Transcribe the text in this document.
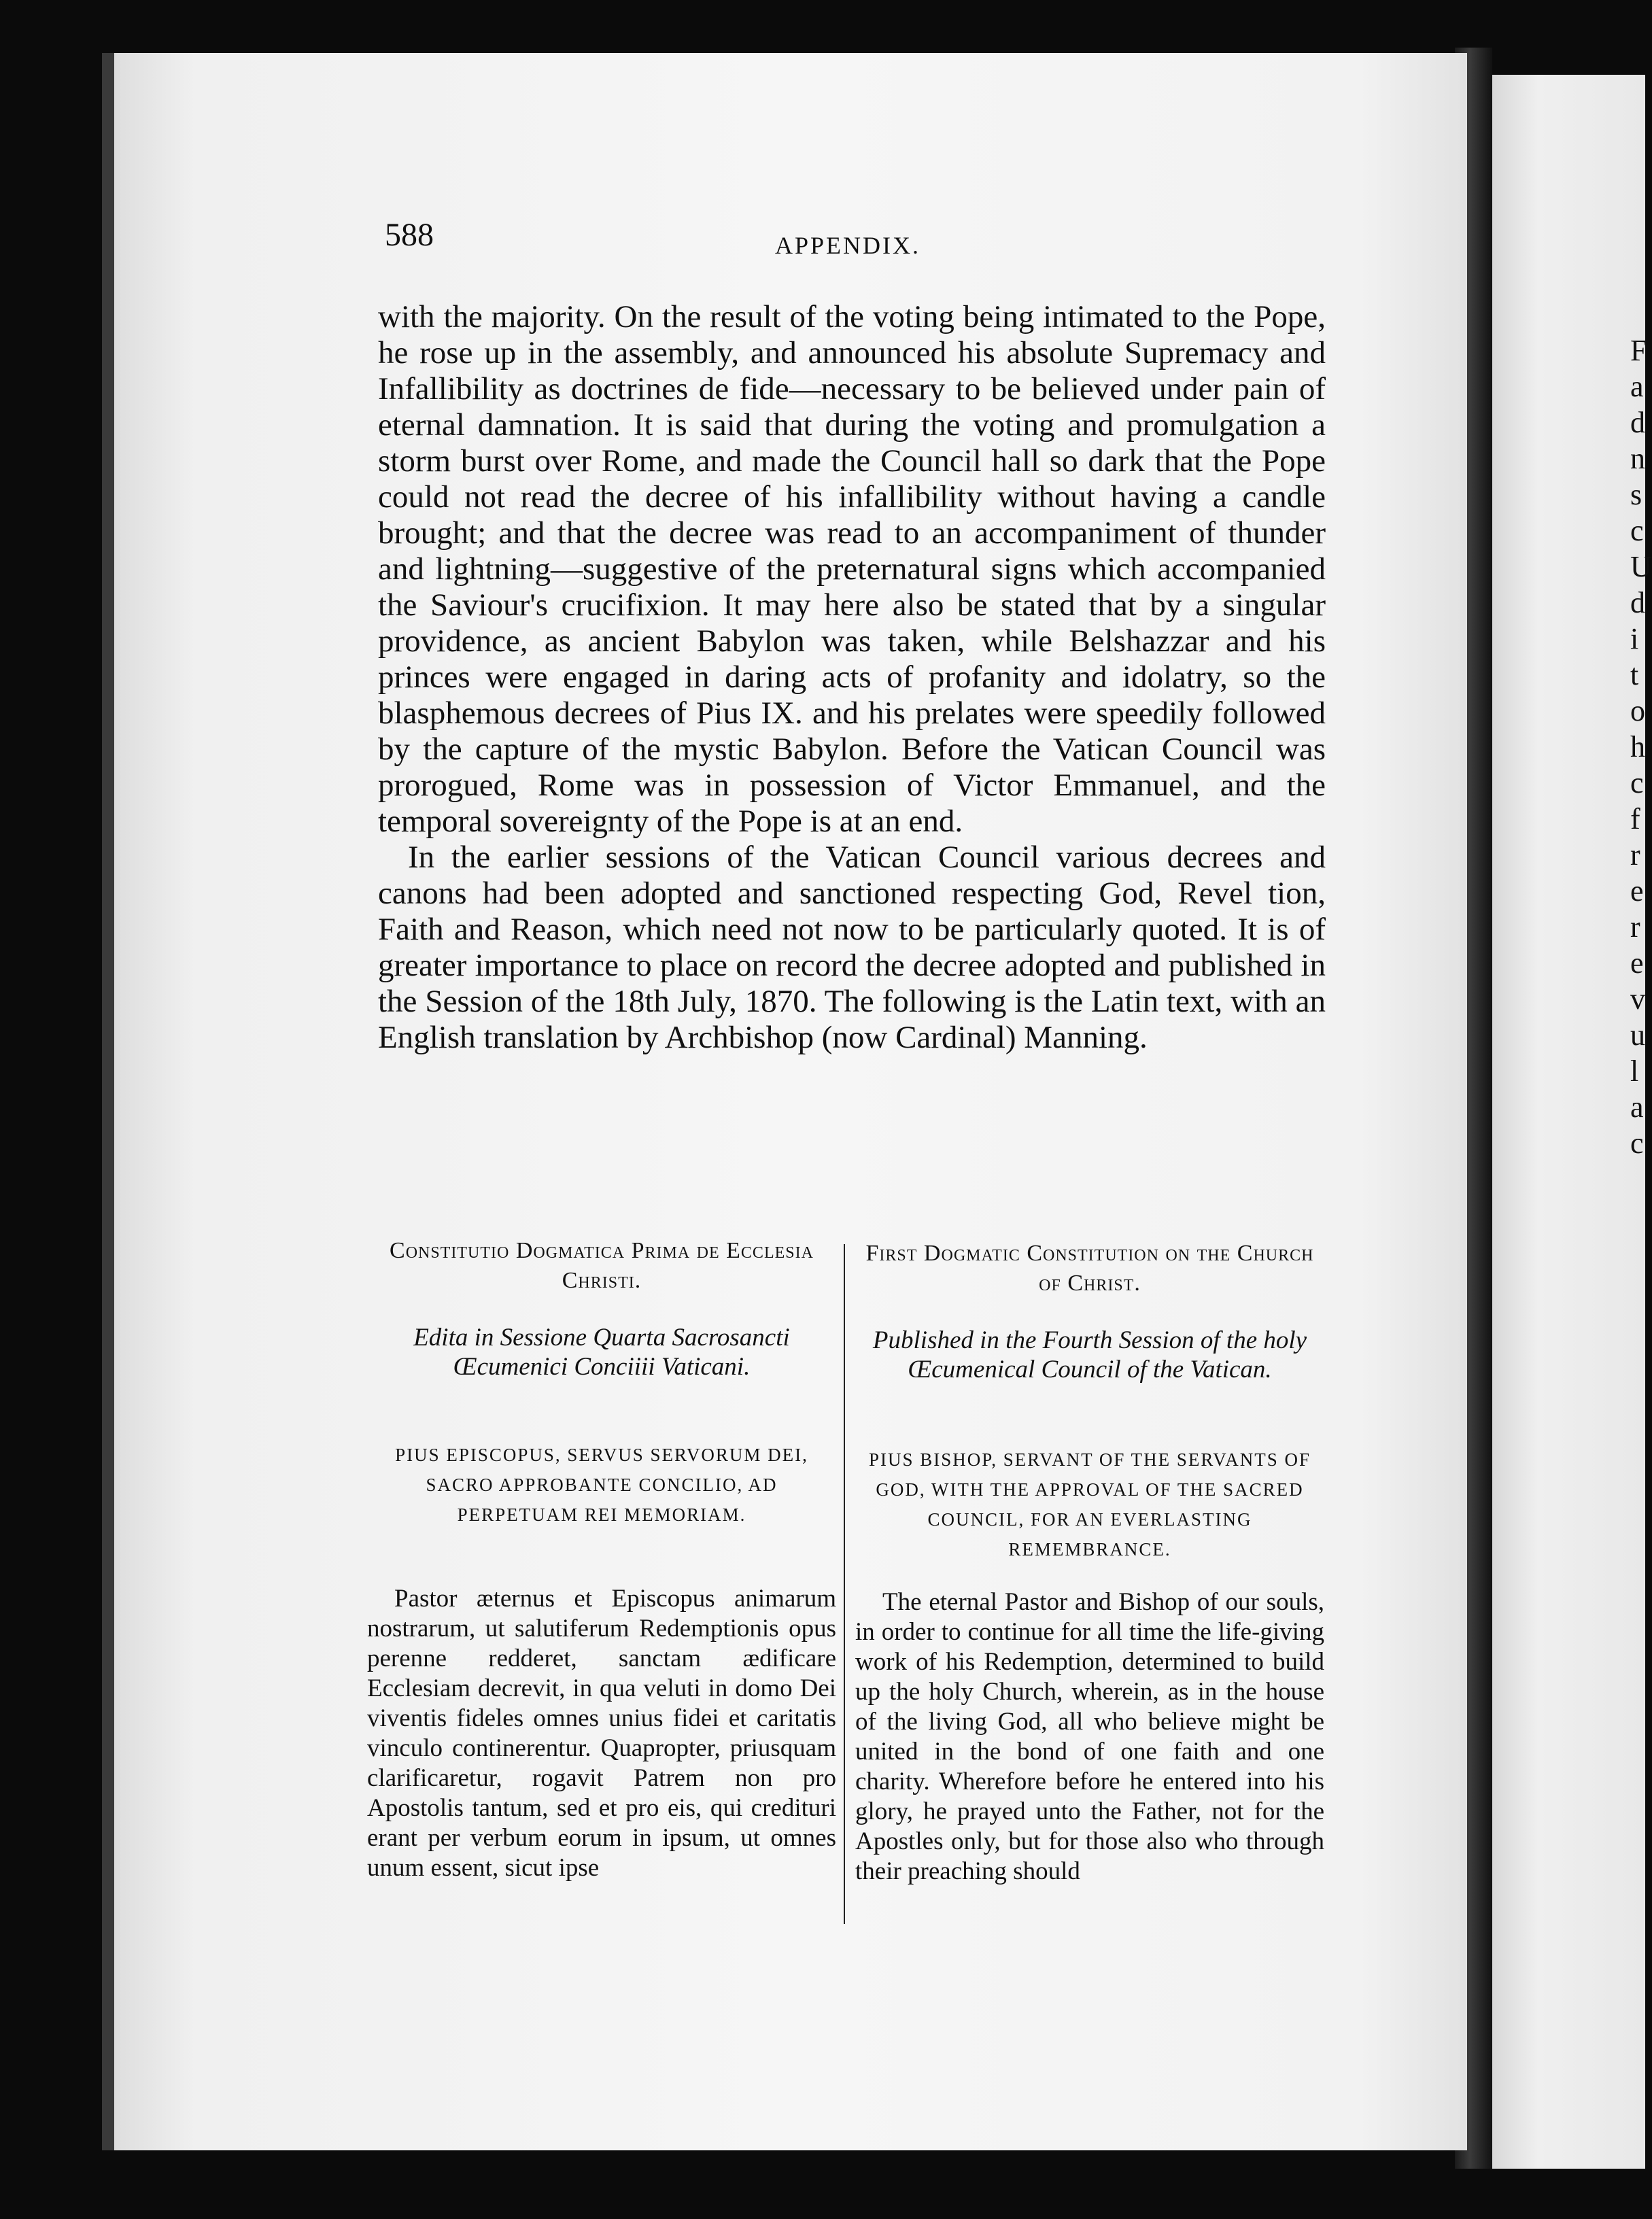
F
a
d
n
s
c
U
d
i
t
o
h
c
f
r
e
r
e
v
u
l
a
c
588	APPENDIX.

with the majority. On the result of the voting being intimated to the Pope, he rose up in the assembly, and announced his absolute Supremacy and Infallibility as doctrines de fide—necessary to be believed under pain of eternal damnation. It is said that during the voting and promulgation a storm burst over Rome, and made the Council hall so dark that the Pope could not read the decree of his infallibility without having a candle brought; and that the decree was read to an accompaniment of thunder and lightning—suggestive of the preternatural signs which accompanied the Saviour's crucifixion. It may here also be stated that by a singular providence, as ancient Babylon was taken, while Belshazzar and his princes were engaged in daring acts of profanity and idolatry, so the blasphemous decrees of Pius IX. and his prelates were speedily followed by the capture of the mystic Babylon. Before the Vatican Council was prorogued, Rome was in possession of Victor Emmanuel, and the temporal sovereignty of the Pope is at an end.

In the earlier sessions of the Vatican Council various decrees and canons had been adopted and sanctioned respecting God, Revel tion, Faith and Reason, which need not now to be particularly quoted. It is of greater importance to place on record the decree adopted and published in the Session of the 18th July, 1870. The following is the Latin text, with an English translation by Archbishop (now Cardinal) Manning.

Constitutio Dogmatica Prima de Ecclesia Christi.
Edita in Sessione Quarta Sacrosancti Œcumenici Conciiii Vaticani.
PIUS EPISCOPUS, SERVUS SERVORUM DEI, SACRO APPROBANTE CONCILIO, AD PERPETUAM REI MEMORIAM.

Pastor æternus et Episcopus animarum nostrarum, ut salutiferum Redemptionis opus perenne redderet, sanctam ædificare Ecclesiam decrevit, in qua veluti in domo Dei viventis fideles omnes unius fidei et caritatis vinculo continerentur. Quapropter, priusquam clarificaretur, rogavit Patrem non pro Apostolis tantum, sed et pro eis, qui credituri erant per verbum eorum in ipsum, ut omnes unum essent, sicut ipse

First Dogmatic Constitution on the Church of Christ.
Published in the Fourth Session of the holy Œcumenical Council of the Vatican.
PIUS BISHOP, SERVANT OF THE SERVANTS OF GOD, WITH THE APPROVAL OF THE SACRED COUNCIL, FOR AN EVERLASTING REMEMBRANCE.

The eternal Pastor and Bishop of our souls, in order to continue for all time the life-giving work of his Redemption, determined to build up the holy Church, wherein, as in the house of the living God, all who believe might be united in the bond of one faith and one charity. Wherefore before he entered into his glory, he prayed unto the Father, not for the Apostles only, but for those also who through their preaching should
